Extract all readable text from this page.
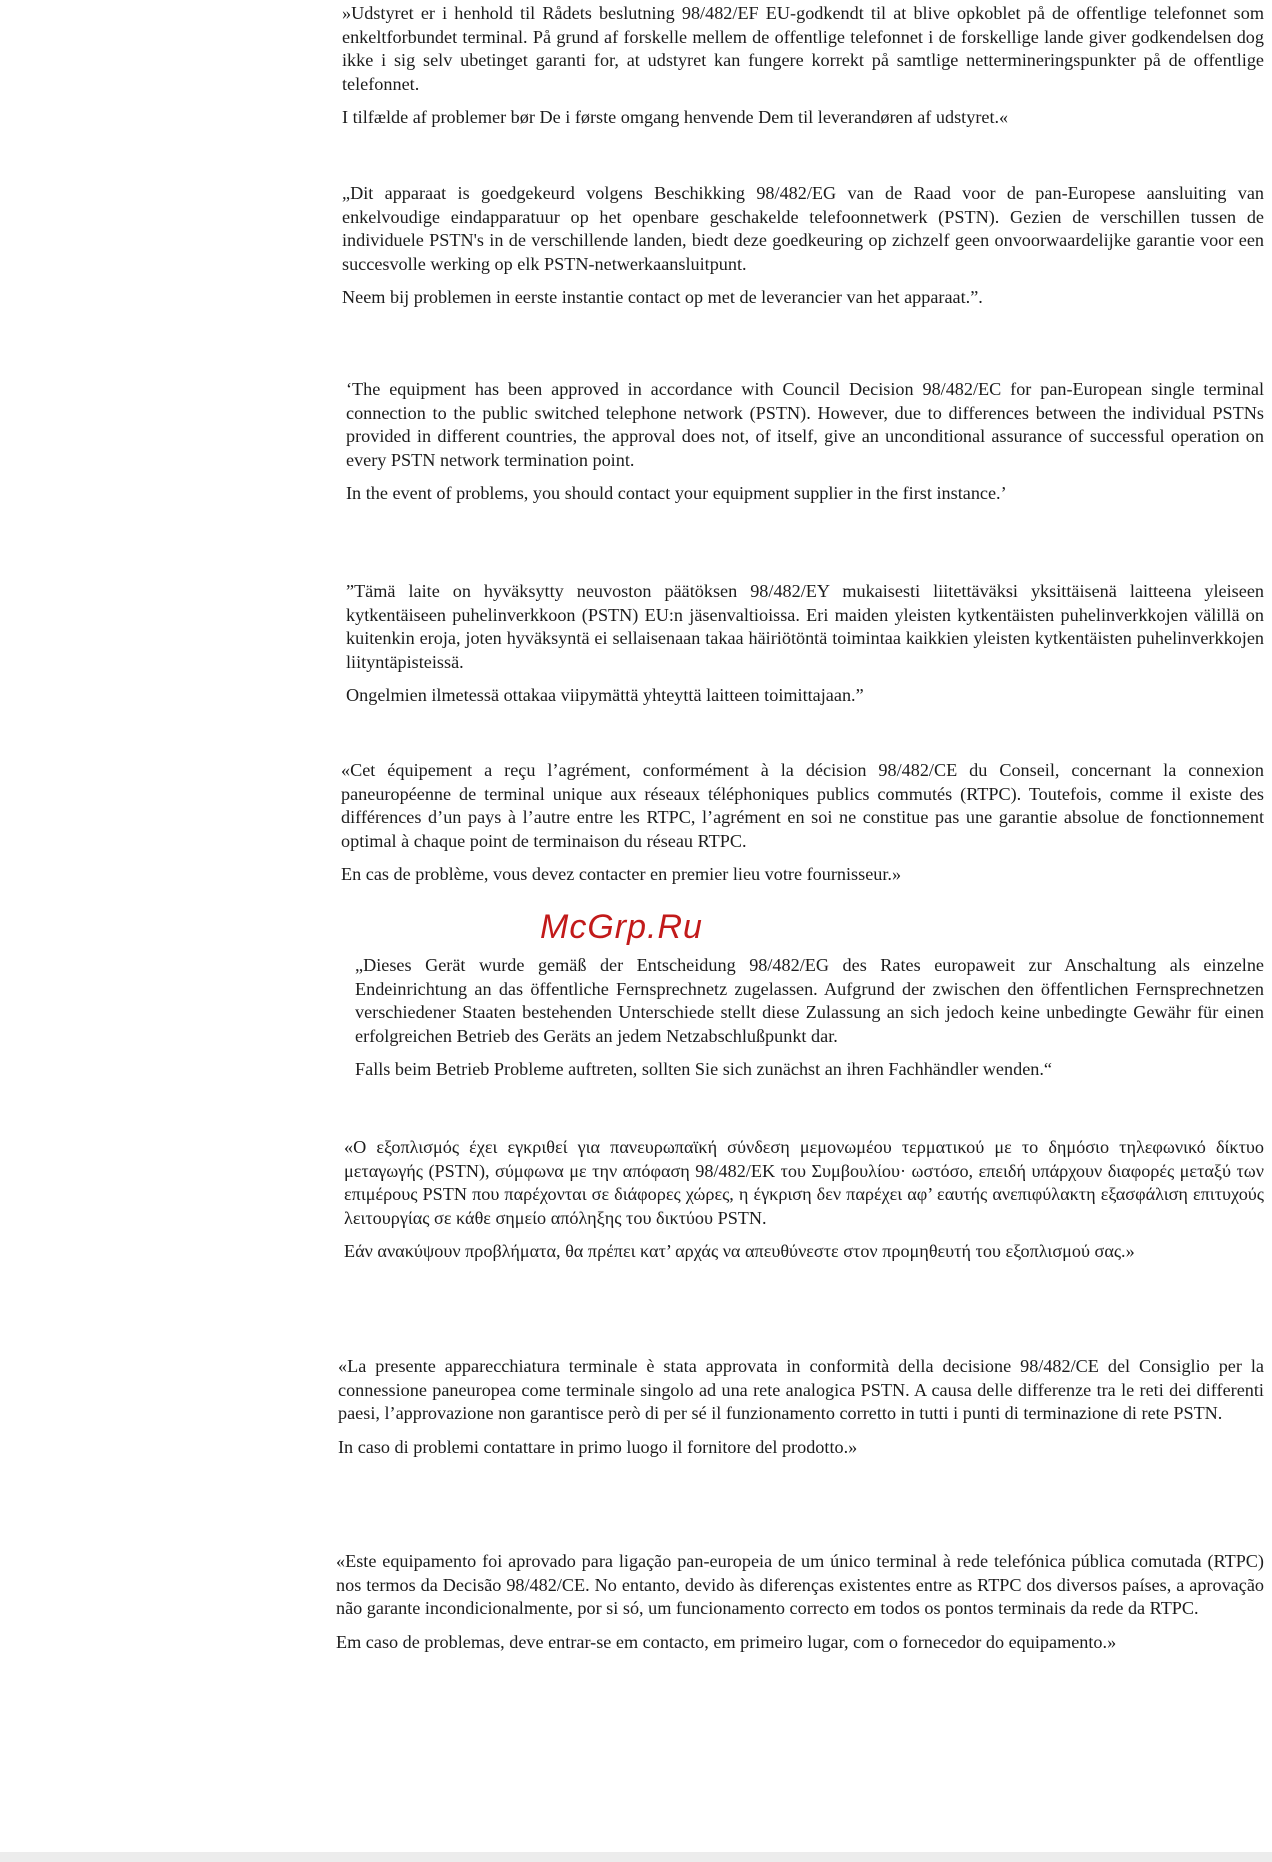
»Udstyret er i henhold til Rådets beslutning 98/482/EF EU-godkendt til at blive opkoblet på de offentlige telefonnet som enkeltforbundet terminal. På grund af forskelle mellem de offentlige telefonnet i de forskellige lande giver godkendelsen dog ikke i sig selv ubetinget garanti for, at udstyret kan fungere korrekt på samtlige nettermineringspunkter på de offentlige telefonnet.

I tilfælde af problemer bør De i første omgang henvende Dem til leverandøren af udstyret.«

„Dit apparaat is goedgekeurd volgens Beschikking 98/482/EG van de Raad voor de pan-Europese aansluiting van enkelvoudige eindapparatuur op het openbare geschakelde telefoonnetwerk (PSTN). Gezien de verschillen tussen de individuele PSTN's in de verschillende landen, biedt deze goedkeuring op zichzelf geen onvoorwaardelijke garantie voor een succesvolle werking op elk PSTN-netwerkaansluitpunt.

Neem bij problemen in eerste instantie contact op met de leverancier van het apparaat.”.

‘The equipment has been approved in accordance with Council Decision 98/482/EC for pan-European single terminal connection to the public switched telephone network (PSTN). However, due to differences between the individual PSTNs provided in different countries, the approval does not, of itself, give an unconditional assurance of successful operation on every PSTN network termination point.

In the event of problems, you should contact your equipment supplier in the first instance.’

”Tämä laite on hyväksytty neuvoston päätöksen 98/482/EY mukaisesti liitettäväksi yksittäisenä laitteena yleiseen kytkentäiseen puhelinverkkoon (PSTN) EU:n jäsenvaltioissa. Eri maiden yleisten kytkentäisten puhelinverkkojen välillä on kuitenkin eroja, joten hyväksyntä ei sellaisenaan takaa häiriötöntä toimintaa kaikkien yleisten kytkentäisten puhelinverkkojen liityntäpisteissä.

Ongelmien ilmetessä ottakaa viipymättä yhteyttä laitteen toimittajaan.”

«Cet équipement a reçu l’agrément, conformément à la décision 98/482/CE du Conseil, concernant la connexion paneuropéenne de terminal unique aux réseaux téléphoniques publics commutés (RTPC). Toutefois, comme il existe des différences d’un pays à l’autre entre les RTPC, l’agrément en soi ne constitue pas une garantie absolue de fonctionnement optimal à chaque point de terminaison du réseau RTPC.

En cas de problème, vous devez contacter en premier lieu votre fournisseur.»

McGrp.Ru

„Dieses Gerät wurde gemäß der Entscheidung 98/482/EG des Rates europaweit zur Anschaltung als einzelne Endeinrichtung an das öffentliche Fernsprechnetz zugelassen. Aufgrund der zwischen den öffentlichen Fernsprechnetzen verschiedener Staaten bestehenden Unterschiede stellt diese Zulassung an sich jedoch keine unbedingte Gewähr für einen erfolgreichen Betrieb des Geräts an jedem Netzabschlußpunkt dar.

Falls beim Betrieb Probleme auftreten, sollten Sie sich zunächst an ihren Fachhändler wenden.“

«Ο εξοπλισμός έχει εγκριθεί για πανευρωπαϊκή σύνδεση μεμονωμέου τερματικού με το δημόσιο τηλεφωνικό δίκτυο μεταγωγής (PSTN), σύμφωνα με την απόφαση 98/482/ΕΚ του Συμβουλίου· ωστόσο, επειδή υπάρχουν διαφορές μεταξύ των επιμέρους PSTN που παρέχονται σε διάφορες χώρες, η έγκριση δεν παρέχει αφ’ εαυτής ανεπιφύλακτη εξασφάλιση επιτυχούς λειτουργίας σε κάθε σημείο απόληξης του δικτύου PSTN.

Εάν ανακύψουν προβλήματα, θα πρέπει κατ’ αρχάς να απευθύνεστε στον προμηθευτή του εξοπλισμού σας.»

«La presente apparecchiatura terminale è stata approvata in conformità della decisione 98/482/CE del Consiglio per la connessione paneuropea come terminale singolo ad una rete analogica PSTN. A causa delle differenze tra le reti dei differenti paesi, l’approvazione non garantisce però di per sé il funzionamento corretto in tutti i punti di terminazione di rete PSTN.

In caso di problemi contattare in primo luogo il fornitore del prodotto.»

«Este equipamento foi aprovado para ligação pan-europeia de um único terminal à rede telefónica pública comutada (RTPC) nos termos da Decisão 98/482/CE. No entanto, devido às diferenças existentes entre as RTPC dos diversos países, a aprovação não garante incondicionalmente, por si só, um funcionamento correcto em todos os pontos terminais da rede da RTPC.

Em caso de problemas, deve entrar-se em contacto, em primeiro lugar, com o fornecedor do equipamento.»
